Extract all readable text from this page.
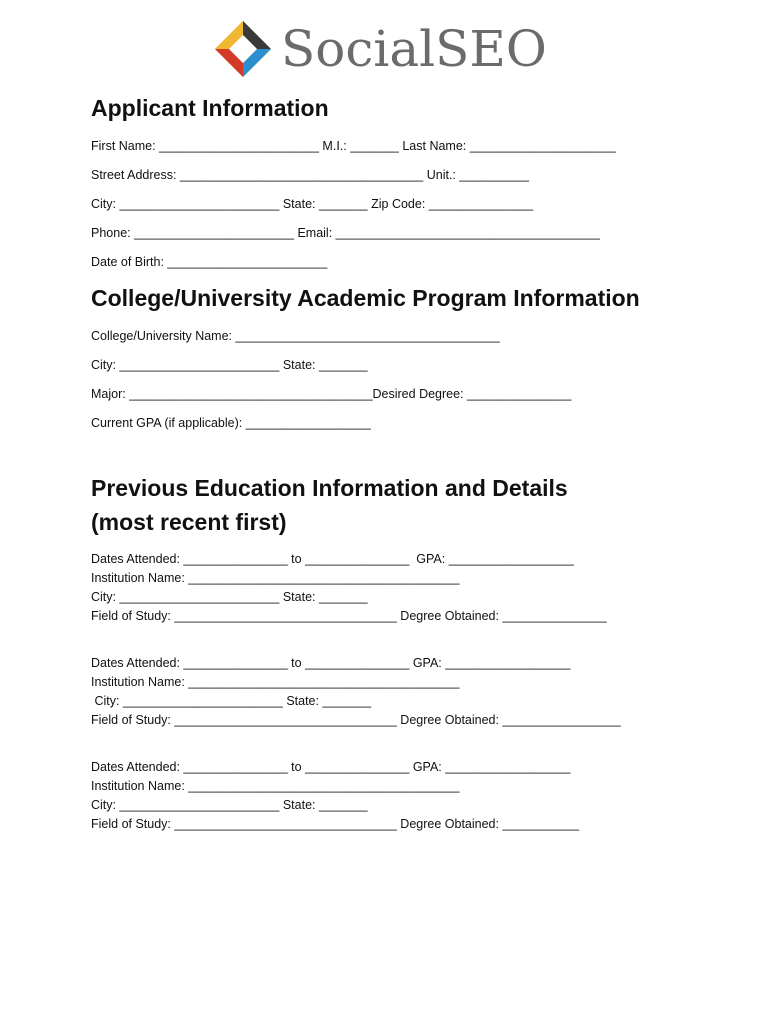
SocialSEO
Applicant Information
First Name: _______________________ M.I.: _______ Last Name: _____________________
Street Address: ___________________________________ Unit.: __________
City: _______________________ State: _______ Zip Code: _______________
Phone: _______________________ Email: ______________________________________
Date of Birth: _______________________
College/University Academic Program Information
College/University Name: ______________________________________
City: _______________________ State: _______
Major: ___________________________________Desired Degree: _______________
Current GPA (if applicable): __________________
Previous Education Information and Details
(most recent first)
Dates Attended: _______________ to _______________  GPA: __________________
Institution Name: _______________________________________
City: _______________________ State: _______
Field of Study: ________________________________ Degree Obtained: _______________
Dates Attended: _______________ to _______________ GPA: __________________
Institution Name: _______________________________________
City: _______________________ State: _______
Field of Study: ________________________________ Degree Obtained: _________________
Dates Attended: _______________ to _______________ GPA: __________________
Institution Name: _______________________________________
City: _______________________ State: _______
Field of Study: ________________________________ Degree Obtained: ___________
